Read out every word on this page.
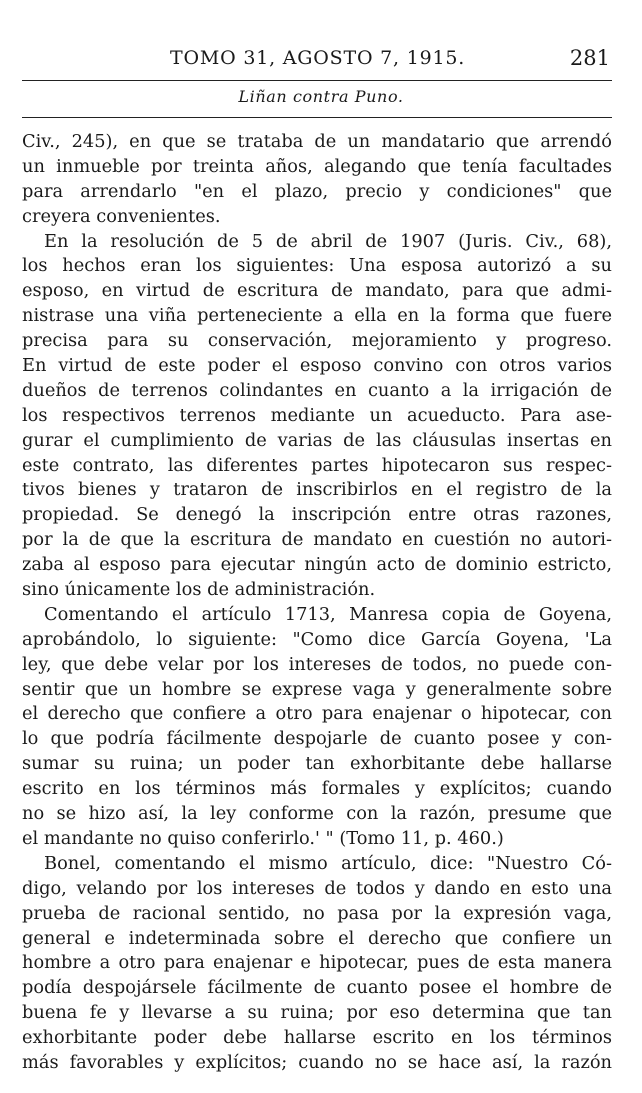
TOMO 31, AGOSTO 7, 1915.	281
Liñan contra Puno.
Civ., 245), en que se trataba de un mandatario que arrendó
un inmueble por treinta años, alegando que tenía facultades
para arrendarlo "en el plazo, precio y condiciones" que
creyera convenientes.
En la resolución de 5 de abril de 1907 (Juris. Civ., 68),
los hechos eran los siguientes: Una esposa autorizó a su
esposo, en virtud de escritura de mandato, para que admi-
nistrase una viña perteneciente a ella en la forma que fuere
precisa para su conservación, mejoramiento y progreso.
En virtud de este poder el esposo convino con otros varios
dueños de terrenos colindantes en cuanto a la irrigación de
los respectivos terrenos mediante un acueducto. Para ase-
gurar el cumplimiento de varias de las cláusulas insertas en
este contrato, las diferentes partes hipotecaron sus respec-
tivos bienes y trataron de inscribirlos en el registro de la
propiedad. Se denegó la inscripción entre otras razones,
por la de que la escritura de mandato en cuestión no autori-
zaba al esposo para ejecutar ningún acto de dominio estricto,
sino únicamente los de administración.
Comentando el artículo 1713, Manresa copia de Goyena,
aprobándolo, lo siguiente: "Como dice García Goyena, 'La
ley, que debe velar por los intereses de todos, no puede con-
sentir que un hombre se exprese vaga y generalmente sobre
el derecho que confiere a otro para enajenar o hipotecar, con
lo que podría fácilmente despojarle de cuanto posee y con-
sumar su ruina; un poder tan exhorbitante debe hallarse
escrito en los términos más formales y explícitos; cuando
no se hizo así, la ley conforme con la razón, presume que
el mandante no quiso conferirlo.' " (Tomo 11, p. 460.)
Bonel, comentando el mismo artículo, dice: "Nuestro Có-
digo, velando por los intereses de todos y dando en esto una
prueba de racional sentido, no pasa por la expresión vaga,
general e indeterminada sobre el derecho que confiere un
hombre a otro para enajenar e hipotecar, pues de esta manera
podía despojársele fácilmente de cuanto posee el hombre de
buena fe y llevarse a su ruina; por eso determina que tan
exhorbitante poder debe hallarse escrito en los términos
más favorables y explícitos; cuando no se hace así, la razón
